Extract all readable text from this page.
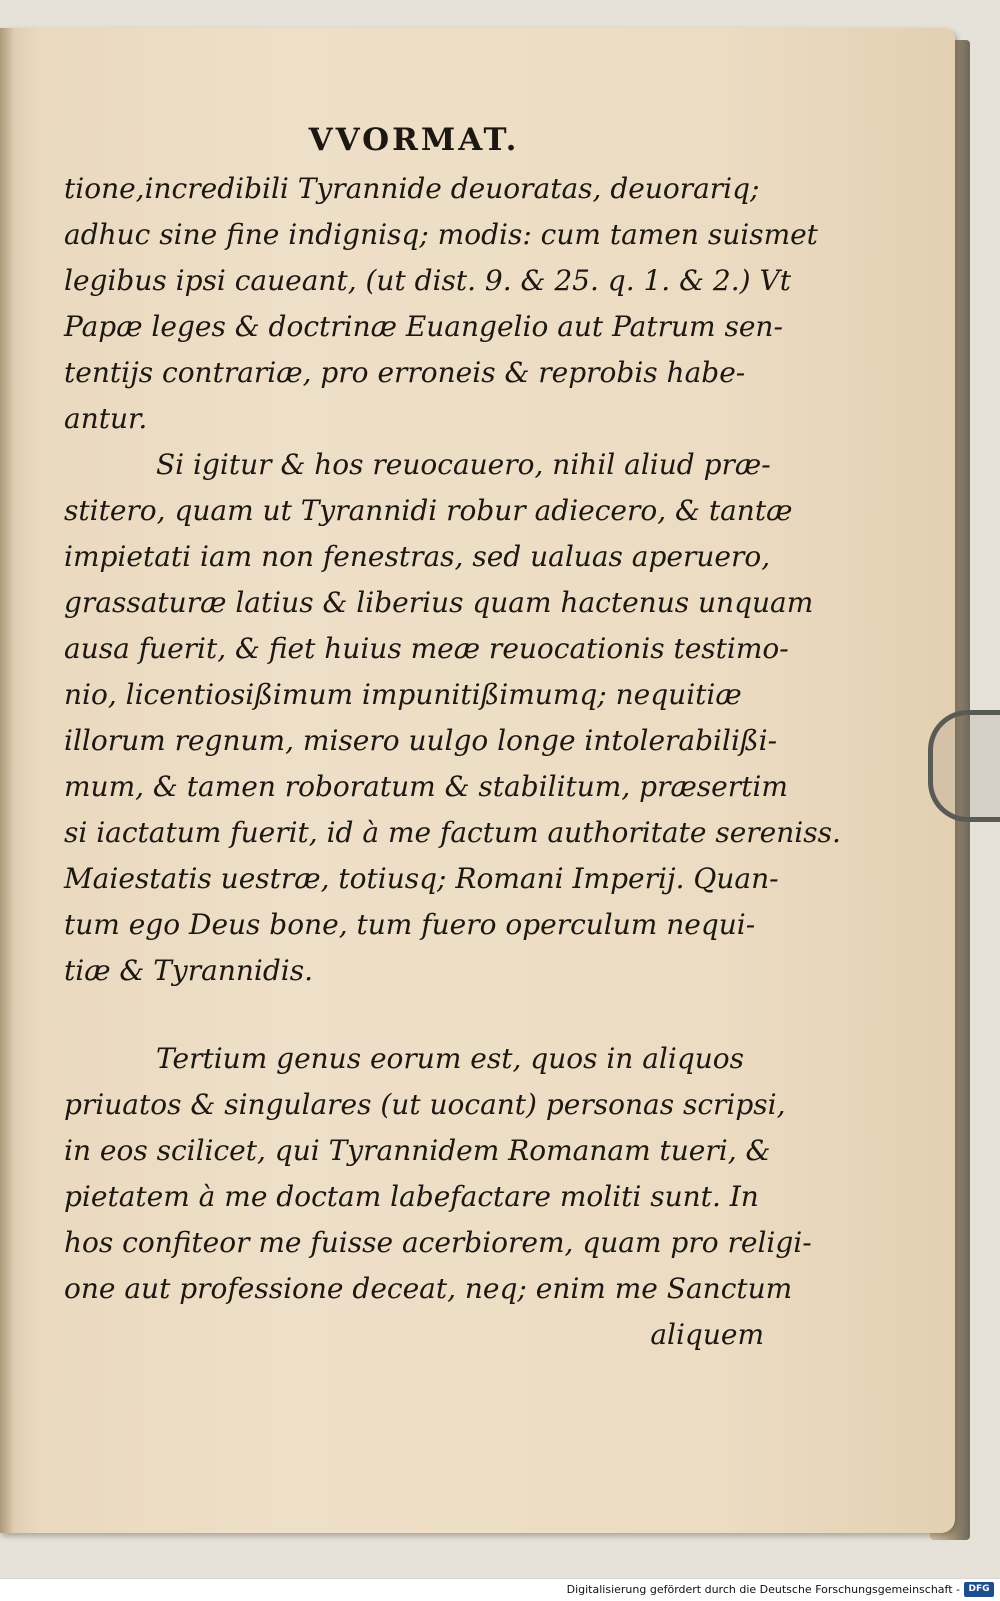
VVORMAT.
tione,incredibili Tyrannide deuoratas, deuorariq;
adhuc sine fine indignisq; modis: cum tamen suismet
legibus ipsi caueant, (ut dist. 9. & 25. q. 1. & 2.) Vt
Papæ leges & doctrinæ Euangelio aut Patrum sen-
tentijs contrariæ, pro erroneis & reprobis habe-
antur.
Si igitur & hos reuocauero, nihil aliud præ-
stitero, quam ut Tyrannidi robur adiecero, & tantæ
impietati iam non fenestras, sed ualuas aperuero,
grassaturæ latius & liberius quam hactenus unquam
ausa fuerit, & fiet huius meæ reuocationis testimo-
nio, licentiosißimum impunitißimumq; nequitiæ
illorum regnum, misero uulgo longe intolerabilißi-
mum, & tamen roboratum & stabilitum, præsertim
si iactatum fuerit, id à me factum authoritate sereniss.
Maiestatis uestræ, totiusq; Romani Imperij. Quan-
tum ego Deus bone, tum fuero operculum nequi-
tiæ & Tyrannidis.
Tertium genus eorum est, quos in aliquos
priuatos & singulares (ut uocant) personas scripsi,
in eos scilicet, qui Tyrannidem Romanam tueri, &
pietatem à me doctam labefactare moliti sunt. In
hos confiteor me fuisse acerbiorem, quam pro religi-
one aut professione deceat, neq; enim me Sanctum
aliquem
Digitalisierung gefördert durch die Deutsche Forschungsgemeinschaft - DFG
